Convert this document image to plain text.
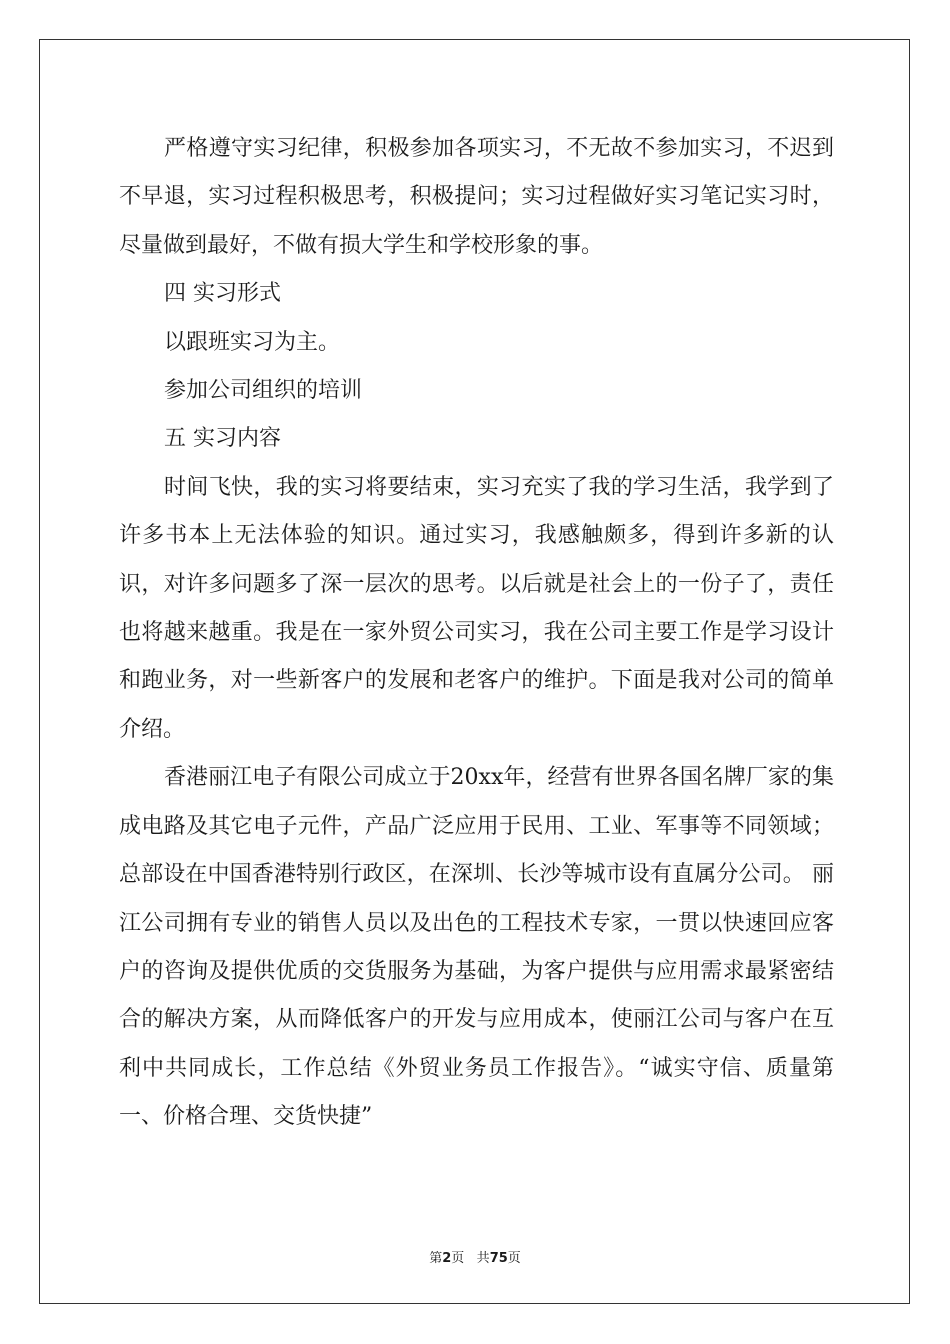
严格遵守实习纪律，积极参加各项实习，不无故不参加实习，不迟到不早退，实习过程积极思考，积极提问；实习过程做好实习笔记实习时，尽量做到最好，不做有损大学生和学校形象的事。

四 实习形式

以跟班实习为主。

参加公司组织的培训

五 实习内容

时间飞快，我的实习将要结束，实习充实了我的学习生活，我学到了许多书本上无法体验的知识。通过实习，我感触颇多，得到许多新的认识，对许多问题多了深一层次的思考。以后就是社会上的一份子了，责任也将越来越重。我是在一家外贸公司实习，我在公司主要工作是学习设计和跑业务，对一些新客户的发展和老客户的维护。下面是我对公司的简单介绍。

香港丽江电子有限公司成立于20xx年，经营有世界各国名牌厂家的集成电路及其它电子元件，产品广泛应用于民用、工业、军事等不同领域；总部设在中国香港特别行政区，在深圳、长沙等城市设有直属分公司。 丽江公司拥有专业的销售人员以及出色的工程技术专家，一贯以快速回应客户的咨询及提供优质的交货服务为基础，为客户提供与应用需求最紧密结合的解决方案，从而降低客户的开发与应用成本，使丽江公司与客户在互利中共同成长，工作总结《外贸业务员工作报告》。“诚实守信、质量第一、价格合理、交货快捷”

第2页 共75页
